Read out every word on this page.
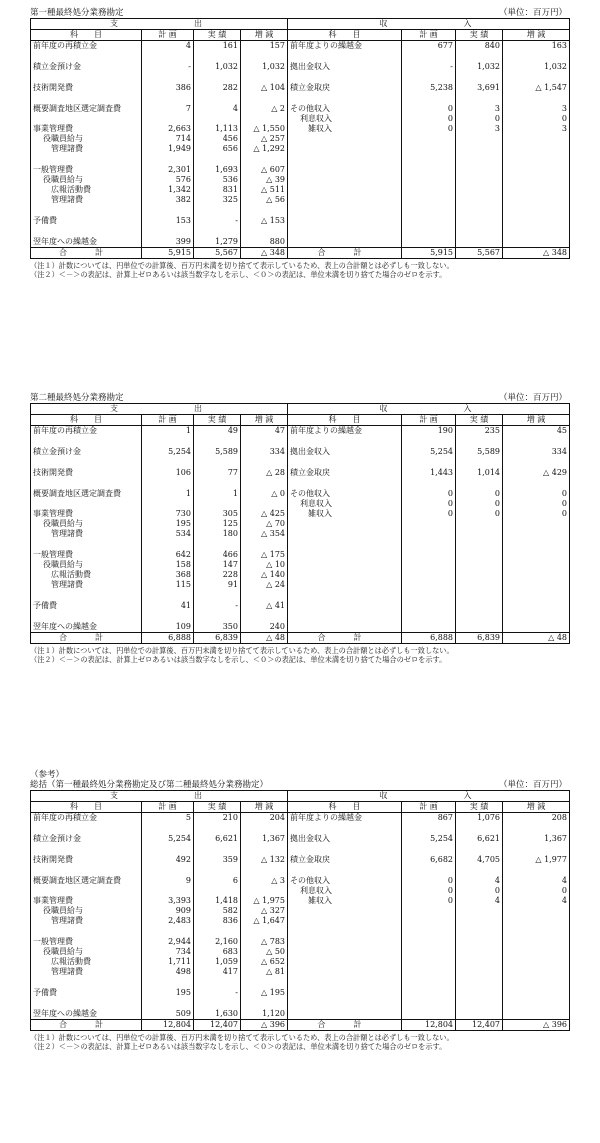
第一種最終処分業務勘定	（単位：百万円）
支　　　　　出				収　　　　　入			
科　　目	計 画	実 績	増 減	科　　目	計 画	実 績	増 減
前年度の再積立金	4	161	157	前年度よりの繰越金	677	840	163
積立金預け金	-	1,032	1,032	拠出金収入	-	1,032	1,032
技術開発費	386	282	△ 104	積立金取戻	5,238	3,691	△ 1,547
概要調査地区選定調査費	7	4	△ 2	その他収入	0	3	3
				利息収入	0	0	0
事業管理費	2,663	1,113	△ 1,550	雑収入	0	3	3
役職員給与	714	456	△ 257				
管理諸費	1,949	656	△ 1,292				
一般管理費	2,301	1,693	△ 607				
役職員給与	576	536	△ 39				
広報活動費	1,342	831	△ 511				
管理諸費	382	325	△ 56				
予備費	153	-	△ 153				
翌年度への繰越金	399	1,279	880				
合　計	5,915	5,567	△ 348	合　計	5,915	5,567	△ 348
（注１）計数については、円単位での計算後、百万円未満を切り捨てて表示しているため、表上の合計額とは必ずしも一致しない。
（注２）＜－＞の表記は、計算上ゼロあるいは該当数字なしを示し、＜０＞の表記は、単位未満を切り捨てた場合のゼロを示す。
第二種最終処分業務勘定	（単位：百万円）
支　　　　　出				収　　　　　入			
科　　目	計 画	実 績	増 減	科　　目	計 画	実 績	増 減
前年度の再積立金	1	49	47	前年度よりの繰越金	190	235	45
積立金預け金	5,254	5,589	334	拠出金収入	5,254	5,589	334
技術開発費	106	77	△ 28	積立金取戻	1,443	1,014	△ 429
概要調査地区選定調査費	1	1	△ 0	その他収入	0	0	0
				利息収入	0	0	0
事業管理費	730	305	△ 425	雑収入	0	0	0
役職員給与	195	125	△ 70				
管理諸費	534	180	△ 354				
一般管理費	642	466	△ 175				
役職員給与	158	147	△ 10				
広報活動費	368	228	△ 140				
管理諸費	115	91	△ 24				
予備費	41	-	△ 41				
翌年度への繰越金	109	350	240				
合　計	6,888	6,839	△ 48	合　計	6,888	6,839	△ 48
（注１）計数については、円単位での計算後、百万円未満を切り捨てて表示しているため、表上の合計額とは必ずしも一致しない。
（注２）＜－＞の表記は、計算上ゼロあるいは該当数字なしを示し、＜０＞の表記は、単位未満を切り捨てた場合のゼロを示す。
（参考）
総括（第一種最終処分業務勘定及び第二種最終処分業務勘定）	（単位：百万円）
支　　　　　出				収　　　　　入			
科　　目	計 画	実 績	増 減	科　　目	計 画	実 績	増 減
前年度の再積立金	5	210	204	前年度よりの繰越金	867	1,076	208
積立金預け金	5,254	6,621	1,367	拠出金収入	5,254	6,621	1,367
技術開発費	492	359	△ 132	積立金取戻	6,682	4,705	△ 1,977
概要調査地区選定調査費	9	6	△ 3	その他収入	0	4	4
				利息収入	0	0	0
事業管理費	3,393	1,418	△ 1,975	雑収入	0	4	4
役職員給与	909	582	△ 327				
管理諸費	2,483	836	△ 1,647				
一般管理費	2,944	2,160	△ 783				
役職員給与	734	683	△ 50				
広報活動費	1,711	1,059	△ 652				
管理諸費	498	417	△ 81				
予備費	195	-	△ 195				
翌年度への繰越金	509	1,630	1,120				
合　計	12,804	12,407	△ 396	合　計	12,804	12,407	△ 396
（注１）計数については、円単位での計算後、百万円未満を切り捨てて表示しているため、表上の合計額とは必ずしも一致しない。
（注２）＜－＞の表記は、計算上ゼロあるいは該当数字なしを示し、＜０＞の表記は、単位未満を切り捨てた場合のゼロを示す。
